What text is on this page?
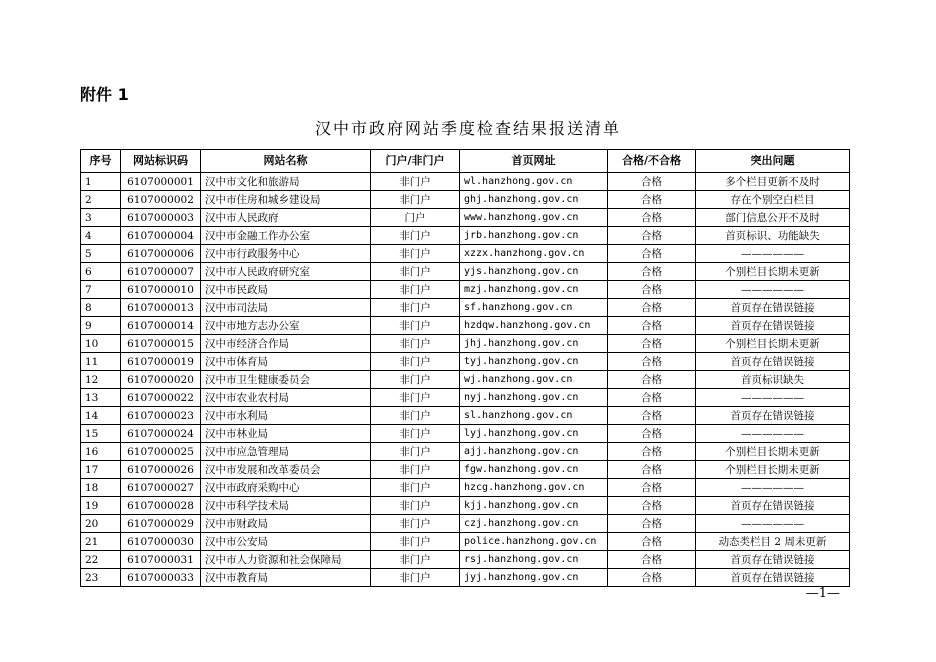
附件 1
汉中市政府网站季度检查结果报送清单
序号	网站标识码	网站名称	门户/非门户	首页网址	合格/不合格	突出问题
1	6107000001	汉中市文化和旅游局	非门户	wl.hanzhong.gov.cn	合格	多个栏目更新不及时
2	6107000002	汉中市住房和城乡建设局	非门户	ghj.hanzhong.gov.cn	合格	存在个别空白栏目
3	6107000003	汉中市人民政府	门户	www.hanzhong.gov.cn	合格	部门信息公开不及时
4	6107000004	汉中市金融工作办公室	非门户	jrb.hanzhong.gov.cn	合格	首页标识、功能缺失
5	6107000006	汉中市行政服务中心	非门户	xzzx.hanzhong.gov.cn	合格	——————
6	6107000007	汉中市人民政府研究室	非门户	yjs.hanzhong.gov.cn	合格	个别栏目长期未更新
7	6107000010	汉中市民政局	非门户	mzj.hanzhong.gov.cn	合格	——————
8	6107000013	汉中市司法局	非门户	sf.hanzhong.gov.cn	合格	首页存在错误链接
9	6107000014	汉中市地方志办公室	非门户	hzdqw.hanzhong.gov.cn	合格	首页存在错误链接
10	6107000015	汉中市经济合作局	非门户	jhj.hanzhong.gov.cn	合格	个别栏目长期未更新
11	6107000019	汉中市体育局	非门户	tyj.hanzhong.gov.cn	合格	首页存在错误链接
12	6107000020	汉中市卫生健康委员会	非门户	wj.hanzhong.gov.cn	合格	首页标识缺失
13	6107000022	汉中市农业农村局	非门户	nyj.hanzhong.gov.cn	合格	——————
14	6107000023	汉中市水利局	非门户	sl.hanzhong.gov.cn	合格	首页存在错误链接
15	6107000024	汉中市林业局	非门户	lyj.hanzhong.gov.cn	合格	——————
16	6107000025	汉中市应急管理局	非门户	ajj.hanzhong.gov.cn	合格	个别栏目长期未更新
17	6107000026	汉中市发展和改革委员会	非门户	fgw.hanzhong.gov.cn	合格	个别栏目长期未更新
18	6107000027	汉中市政府采购中心	非门户	hzcg.hanzhong.gov.cn	合格	——————
19	6107000028	汉中市科学技术局	非门户	kjj.hanzhong.gov.cn	合格	首页存在错误链接
20	6107000029	汉中市财政局	非门户	czj.hanzhong.gov.cn	合格	——————
21	6107000030	汉中市公安局	非门户	police.hanzhong.gov.cn	合格	动态类栏目 2 周未更新
22	6107000031	汉中市人力资源和社会保障局	非门户	rsj.hanzhong.gov.cn	合格	首页存在错误链接
23	6107000033	汉中市教育局	非门户	jyj.hanzhong.gov.cn	合格	首页存在错误链接
—1—
